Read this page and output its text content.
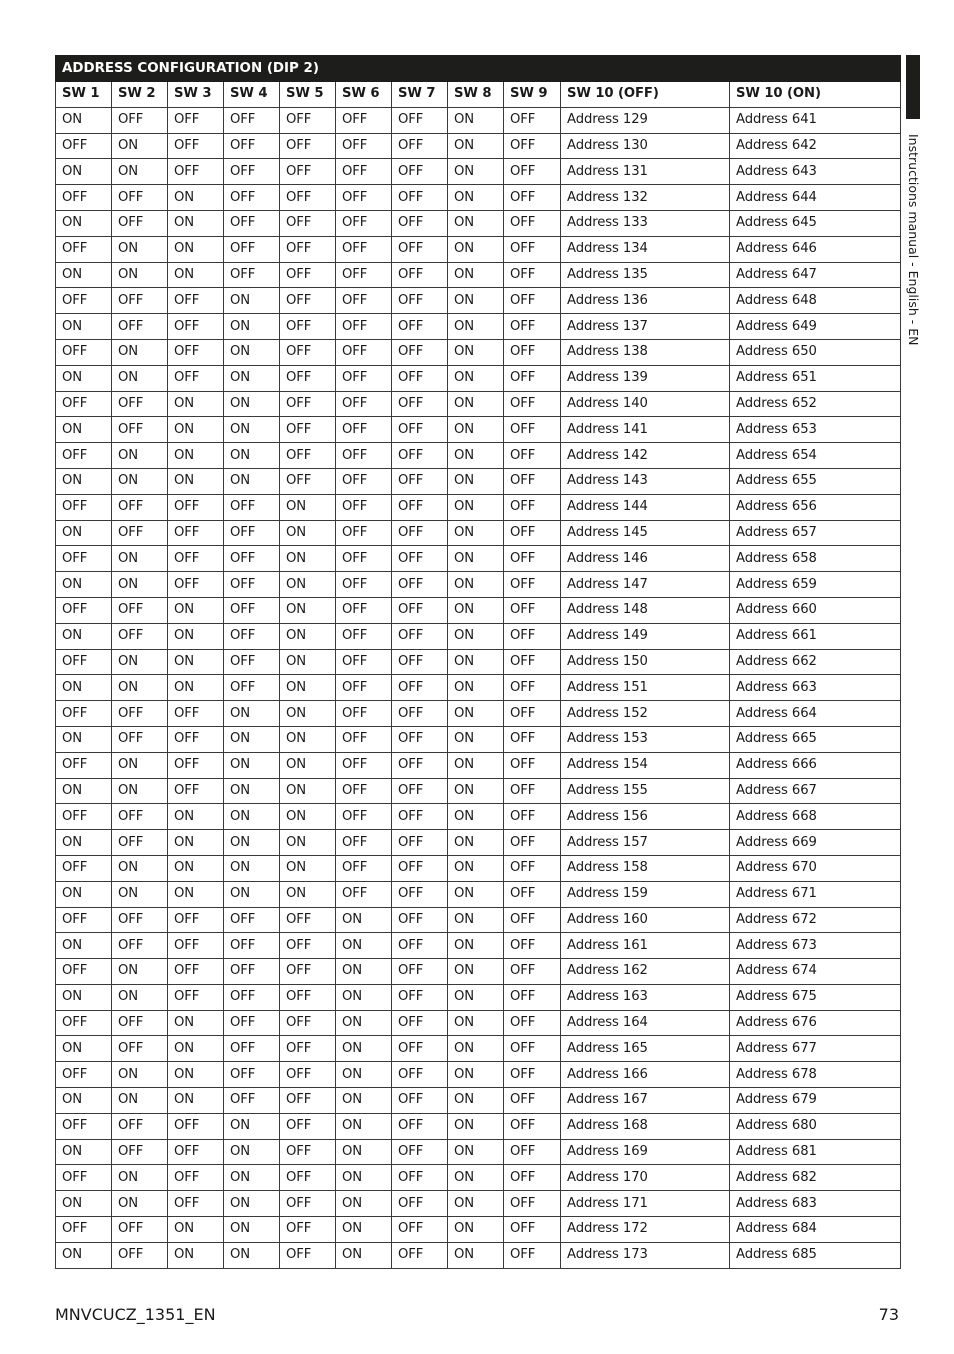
ADDRESS CONFIGURATION (DIP 2)										
SW 1	SW 2	SW 3	SW 4	SW 5	SW 6	SW 7	SW 8	SW 9	SW 10 (OFF)	SW 10 (ON)
ON	OFF	OFF	OFF	OFF	OFF	OFF	ON	OFF	Address 129	Address 641
OFF	ON	OFF	OFF	OFF	OFF	OFF	ON	OFF	Address 130	Address 642
ON	ON	OFF	OFF	OFF	OFF	OFF	ON	OFF	Address 131	Address 643
OFF	OFF	ON	OFF	OFF	OFF	OFF	ON	OFF	Address 132	Address 644
ON	OFF	ON	OFF	OFF	OFF	OFF	ON	OFF	Address 133	Address 645
OFF	ON	ON	OFF	OFF	OFF	OFF	ON	OFF	Address 134	Address 646
ON	ON	ON	OFF	OFF	OFF	OFF	ON	OFF	Address 135	Address 647
OFF	OFF	OFF	ON	OFF	OFF	OFF	ON	OFF	Address 136	Address 648
ON	OFF	OFF	ON	OFF	OFF	OFF	ON	OFF	Address 137	Address 649
OFF	ON	OFF	ON	OFF	OFF	OFF	ON	OFF	Address 138	Address 650
ON	ON	OFF	ON	OFF	OFF	OFF	ON	OFF	Address 139	Address 651
OFF	OFF	ON	ON	OFF	OFF	OFF	ON	OFF	Address 140	Address 652
ON	OFF	ON	ON	OFF	OFF	OFF	ON	OFF	Address 141	Address 653
OFF	ON	ON	ON	OFF	OFF	OFF	ON	OFF	Address 142	Address 654
ON	ON	ON	ON	OFF	OFF	OFF	ON	OFF	Address 143	Address 655
OFF	OFF	OFF	OFF	ON	OFF	OFF	ON	OFF	Address 144	Address 656
ON	OFF	OFF	OFF	ON	OFF	OFF	ON	OFF	Address 145	Address 657
OFF	ON	OFF	OFF	ON	OFF	OFF	ON	OFF	Address 146	Address 658
ON	ON	OFF	OFF	ON	OFF	OFF	ON	OFF	Address 147	Address 659
OFF	OFF	ON	OFF	ON	OFF	OFF	ON	OFF	Address 148	Address 660
ON	OFF	ON	OFF	ON	OFF	OFF	ON	OFF	Address 149	Address 661
OFF	ON	ON	OFF	ON	OFF	OFF	ON	OFF	Address 150	Address 662
ON	ON	ON	OFF	ON	OFF	OFF	ON	OFF	Address 151	Address 663
OFF	OFF	OFF	ON	ON	OFF	OFF	ON	OFF	Address 152	Address 664
ON	OFF	OFF	ON	ON	OFF	OFF	ON	OFF	Address 153	Address 665
OFF	ON	OFF	ON	ON	OFF	OFF	ON	OFF	Address 154	Address 666
ON	ON	OFF	ON	ON	OFF	OFF	ON	OFF	Address 155	Address 667
OFF	OFF	ON	ON	ON	OFF	OFF	ON	OFF	Address 156	Address 668
ON	OFF	ON	ON	ON	OFF	OFF	ON	OFF	Address 157	Address 669
OFF	ON	ON	ON	ON	OFF	OFF	ON	OFF	Address 158	Address 670
ON	ON	ON	ON	ON	OFF	OFF	ON	OFF	Address 159	Address 671
OFF	OFF	OFF	OFF	OFF	ON	OFF	ON	OFF	Address 160	Address 672
ON	OFF	OFF	OFF	OFF	ON	OFF	ON	OFF	Address 161	Address 673
OFF	ON	OFF	OFF	OFF	ON	OFF	ON	OFF	Address 162	Address 674
ON	ON	OFF	OFF	OFF	ON	OFF	ON	OFF	Address 163	Address 675
OFF	OFF	ON	OFF	OFF	ON	OFF	ON	OFF	Address 164	Address 676
ON	OFF	ON	OFF	OFF	ON	OFF	ON	OFF	Address 165	Address 677
OFF	ON	ON	OFF	OFF	ON	OFF	ON	OFF	Address 166	Address 678
ON	ON	ON	OFF	OFF	ON	OFF	ON	OFF	Address 167	Address 679
OFF	OFF	OFF	ON	OFF	ON	OFF	ON	OFF	Address 168	Address 680
ON	OFF	OFF	ON	OFF	ON	OFF	ON	OFF	Address 169	Address 681
OFF	ON	OFF	ON	OFF	ON	OFF	ON	OFF	Address 170	Address 682
ON	ON	OFF	ON	OFF	ON	OFF	ON	OFF	Address 171	Address 683
OFF	OFF	ON	ON	OFF	ON	OFF	ON	OFF	Address 172	Address 684
ON	OFF	ON	ON	OFF	ON	OFF	ON	OFF	Address 173	Address 685
Instructions manual - English - EN
MNVCUCZ_1351_EN	73
